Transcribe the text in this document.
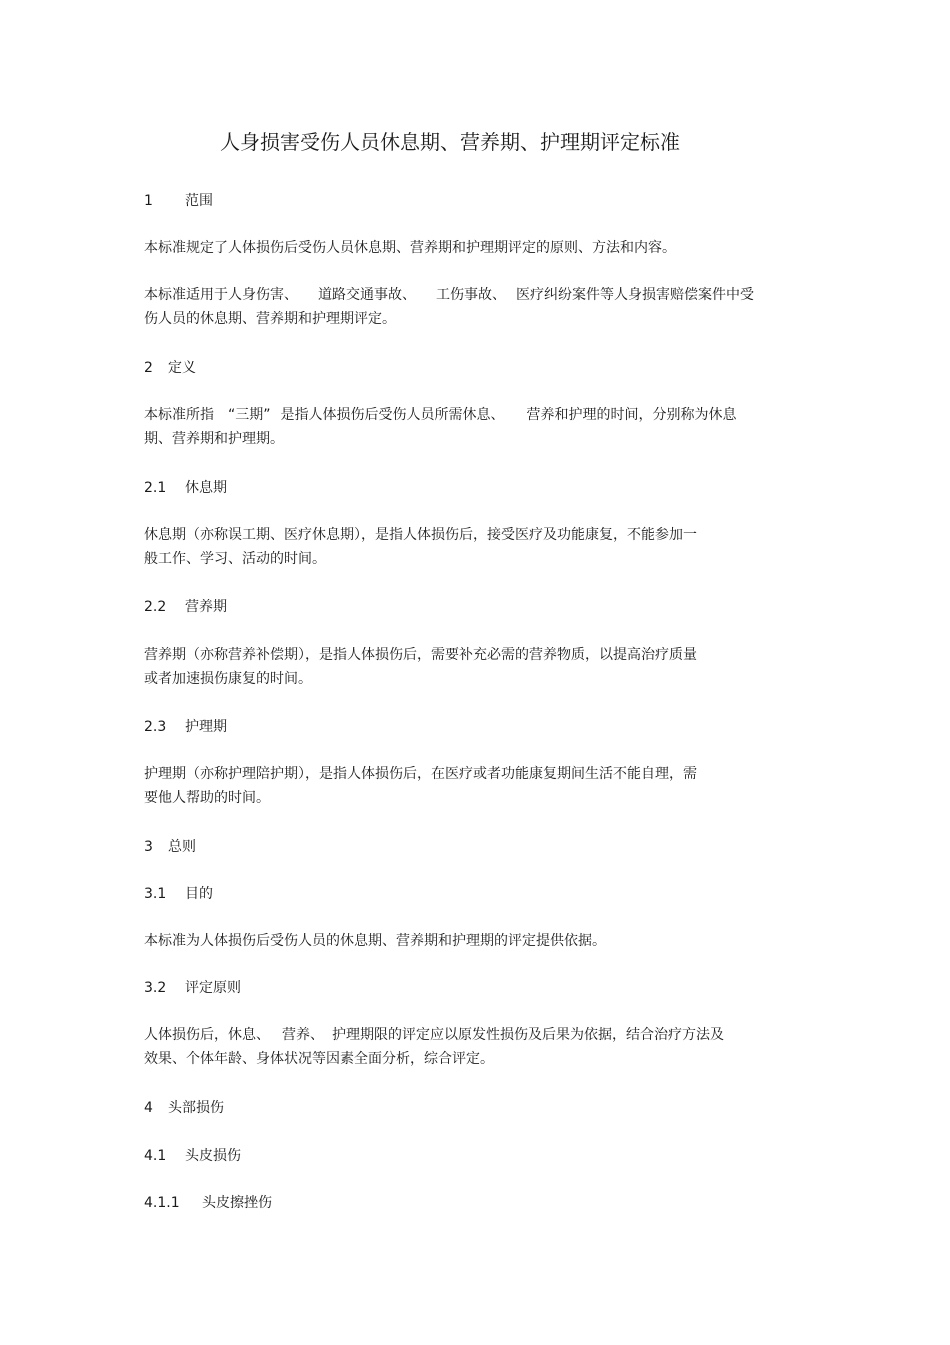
人身损害受伤人员休息期、营养期、护理期评定标准
1 范围
本标准规定了人体损伤后受伤人员休息期、营养期和护理期评定的原则、方法和内容。
本标准适用于人身伤害、 道路交通事故、 工伤事故、 医疗纠纷案件等人身损害赔偿案件中受
伤人员的休息期、营养期和护理期评定。
2 定义
本标准所指 “三期” 是指人体损伤后受伤人员所需休息、 营养和护理的时间，分别称为休息
期、营养期和护理期。
2.1 休息期
休息期（亦称误工期、医疗休息期），是指人体损伤后，接受医疗及功能康复，不能参加一
般工作、学习、活动的时间。
2.2 营养期
营养期（亦称营养补偿期），是指人体损伤后，需要补充必需的营养物质，以提高治疗质量
或者加速损伤康复的时间。
2.3 护理期
护理期（亦称护理陪护期），是指人体损伤后，在医疗或者功能康复期间生活不能自理，需
要他人帮助的时间。
3 总则
3.1 目的
本标准为人体损伤后受伤人员的休息期、营养期和护理期的评定提供依据。
3.2 评定原则
人体损伤后，休息、 营养、 护理期限的评定应以原发性损伤及后果为依据，结合治疗方法及
效果、个体年龄、身体状况等因素全面分析，综合评定。
4 头部损伤
4.1 头皮损伤
4.1.1 头皮擦挫伤
